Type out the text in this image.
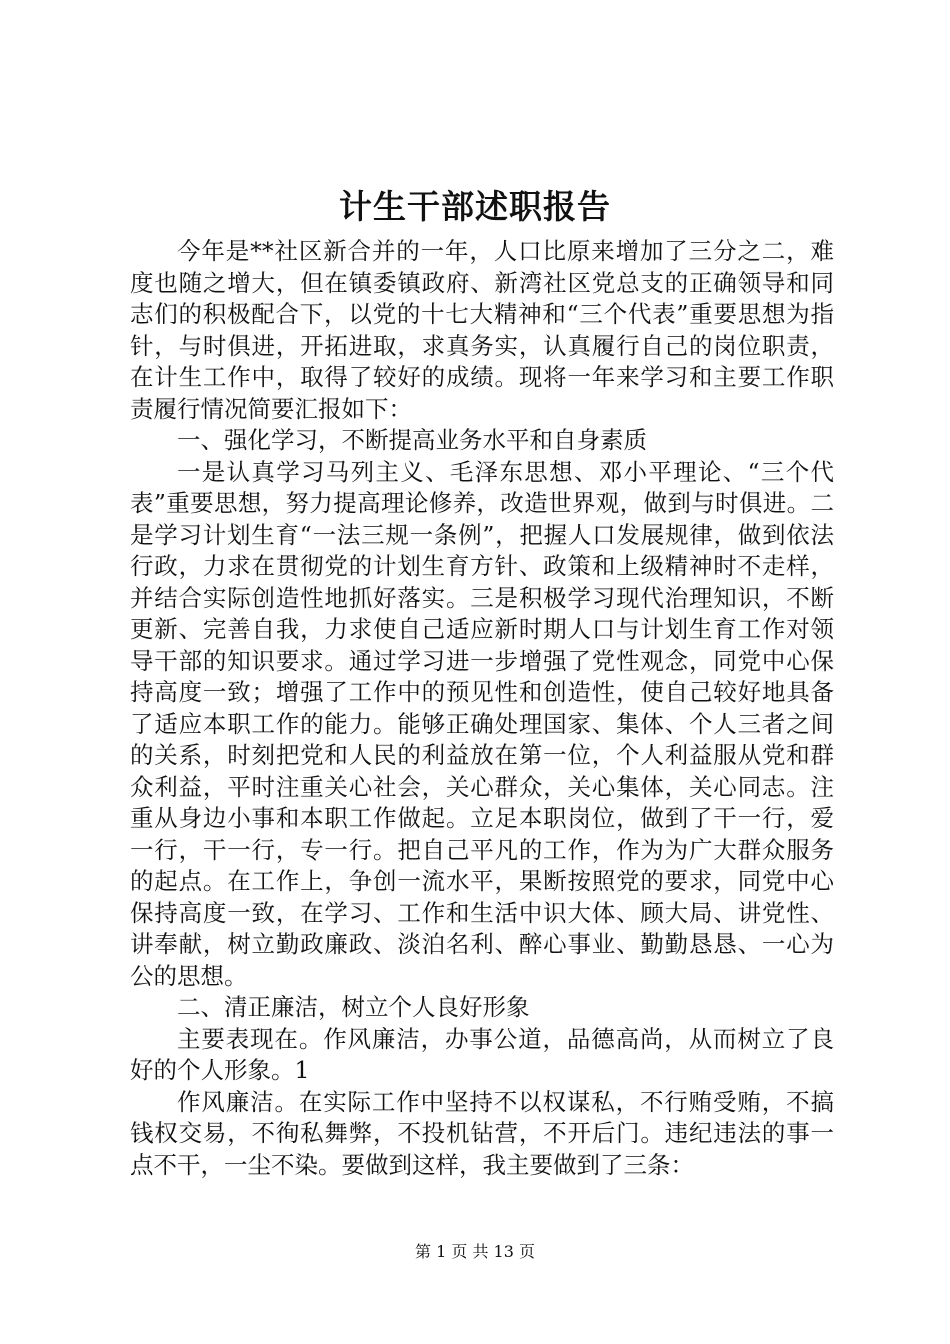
计生干部述职报告

今年是**社区新合并的一年，人口比原来增加了三分之二，难度也随之增大，但在镇委镇政府、新湾社区党总支的正确领导和同志们的积极配合下，以党的十七大精神和“三个代表”重要思想为指针，与时俱进，开拓进取，求真务实，认真履行自己的岗位职责，在计生工作中，取得了较好的成绩。现将一年来学习和主要工作职责履行情况简要汇报如下：

一、强化学习，不断提高业务水平和自身素质

一是认真学习马列主义、毛泽东思想、邓小平理论、“三个代表”重要思想，努力提高理论修养，改造世界观，做到与时俱进。二是学习计划生育“一法三规一条例”，把握人口发展规律，做到依法行政，力求在贯彻党的计划生育方针、政策和上级精神时不走样，并结合实际创造性地抓好落实。三是积极学习现代治理知识，不断更新、完善自我，力求使自己适应新时期人口与计划生育工作对领导干部的知识要求。通过学习进一步增强了党性观念，同党中心保持高度一致；增强了工作中的预见性和创造性，使自己较好地具备了适应本职工作的能力。能够正确处理国家、集体、个人三者之间的关系，时刻把党和人民的利益放在第一位，个人利益服从党和群众利益，平时注重关心社会，关心群众，关心集体，关心同志。注重从身边小事和本职工作做起。立足本职岗位，做到了干一行，爱一行，干一行，专一行。把自己平凡的工作，作为为广大群众服务的起点。在工作上，争创一流水平，果断按照党的要求，同党中心保持高度一致，在学习、工作和生活中识大体、顾大局、讲党性、讲奉献，树立勤政廉政、淡泊名利、醉心事业、勤勤恳恳、一心为公的思想。

二、清正廉洁，树立个人良好形象

主要表现在。作风廉洁，办事公道，品德高尚，从而树立了良好的个人形象。1

作风廉洁。在实际工作中坚持不以权谋私，不行贿受贿，不搞钱权交易，不徇私舞弊，不投机钻营，不开后门。违纪违法的事一点不干，一尘不染。要做到这样，我主要做到了三条：

第 1 页 共 13 页
